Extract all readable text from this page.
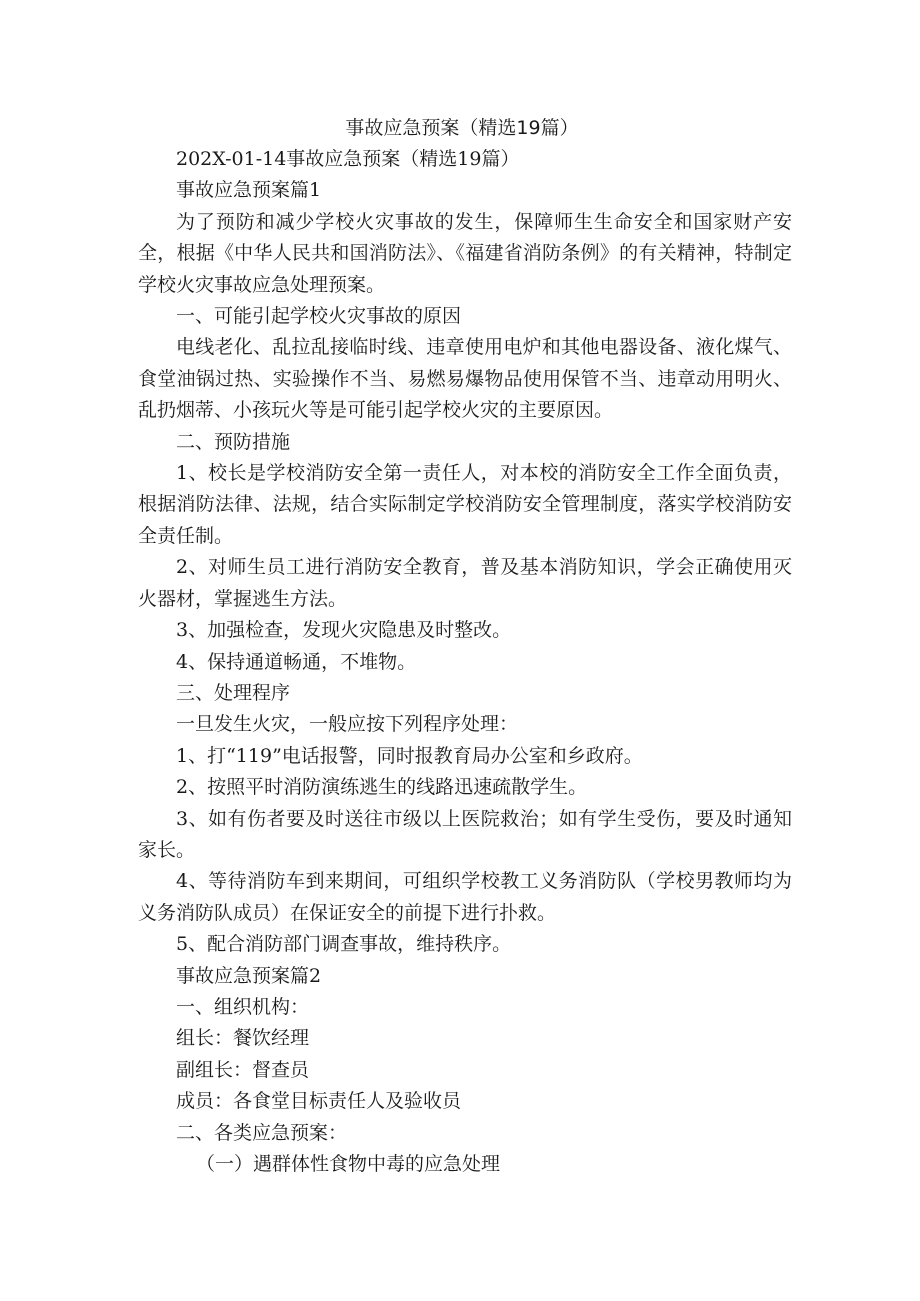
事故应急预案（精选19篇）

202X-01-14事故应急预案（精选19篇）

事故应急预案篇1

为了预防和减少学校火灾事故的发生，保障师生生命安全和国家财产安全，根据《中华人民共和国消防法》、《福建省消防条例》的有关精神，特制定学校火灾事故应急处理预案。

一、可能引起学校火灾事故的原因

电线老化、乱拉乱接临时线、违章使用电炉和其他电器设备、液化煤气、食堂油锅过热、实验操作不当、易燃易爆物品使用保管不当、违章动用明火、乱扔烟蒂、小孩玩火等是可能引起学校火灾的主要原因。

二、预防措施

1、校长是学校消防安全第一责任人，对本校的消防安全工作全面负责，根据消防法律、法规，结合实际制定学校消防安全管理制度，落实学校消防安全责任制。

2、对师生员工进行消防安全教育，普及基本消防知识，学会正确使用灭火器材，掌握逃生方法。

3、加强检查，发现火灾隐患及时整改。

4、保持通道畅通，不堆物。

三、处理程序

一旦发生火灾，一般应按下列程序处理：

1、打“119”电话报警，同时报教育局办公室和乡政府。

2、按照平时消防演练逃生的线路迅速疏散学生。

3、如有伤者要及时送往市级以上医院救治；如有学生受伤，要及时通知家长。

4、等待消防车到来期间，可组织学校教工义务消防队（学校男教师均为义务消防队成员）在保证安全的前提下进行扑救。

5、配合消防部门调查事故，维持秩序。

事故应急预案篇2

一、组织机构：

组长：餐饮经理

副组长：督查员

成员：各食堂目标责任人及验收员

二、各类应急预案：

（一）遇群体性食物中毒的应急处理
